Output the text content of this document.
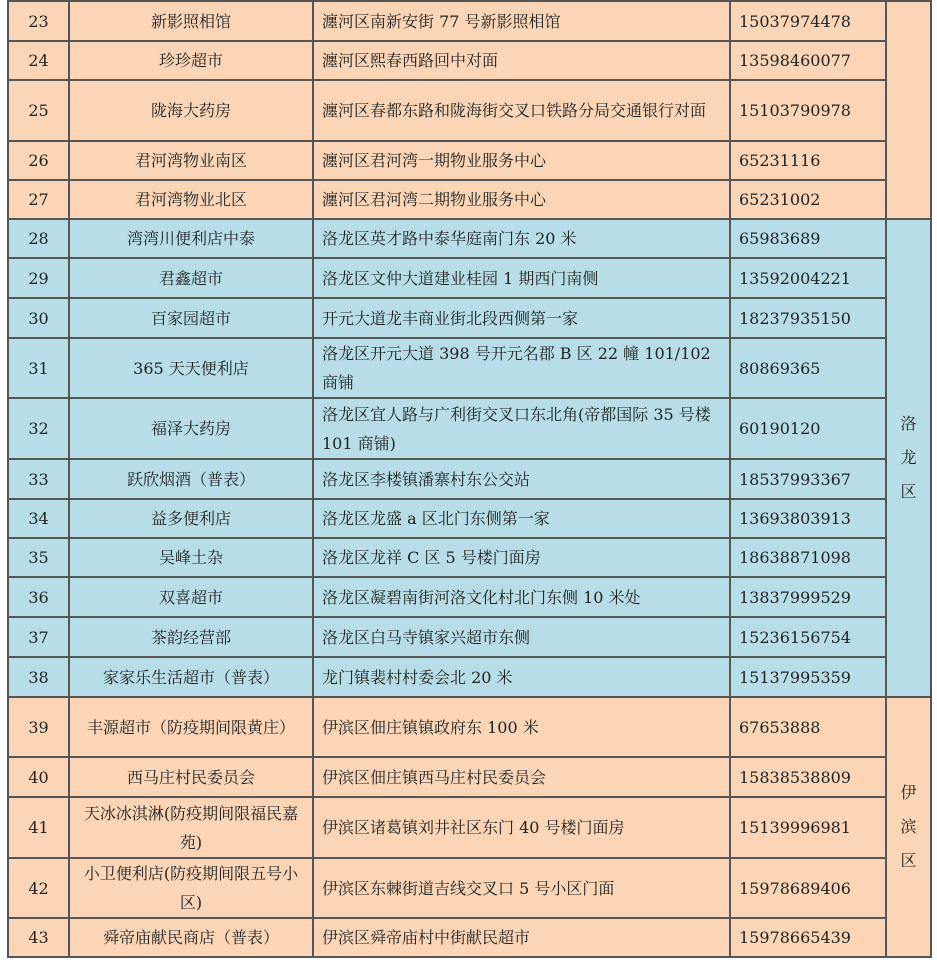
23	新影照相馆	瀍河区南新安街 77 号新影照相馆	15037974478	
24	珍珍超市	瀍河区熙春西路回中对面	13598460077	
25	陇海大药房	瀍河区春都东路和陇海街交叉口铁路分局交通银行对面	15103790978	
26	君河湾物业南区	瀍河区君河湾一期物业服务中心	65231116	
27	君河湾物业北区	瀍河区君河湾二期物业服务中心	65231002	
28	湾湾川便利店中泰	洛龙区英才路中泰华庭南门东 20 米	65983689	洛龙区
29	君鑫超市	洛龙区文仲大道建业桂园 1 期西门南侧	13592004221	
30	百家园超市	开元大道龙丰商业街北段西侧第一家	18237935150	
31	365 天天便利店	洛龙区开元大道 398 号开元名郡 B 区 22 幢 101/102 商铺	80869365	
32	福泽大药房	洛龙区宜人路与广利街交叉口东北角(帝都国际 35 号楼 101 商铺)	60190120	
33	跃欣烟酒（普表）	洛龙区李楼镇潘寨村东公交站	18537993367	
34	益多便利店	洛龙区龙盛 a 区北门东侧第一家	13693803913	
35	吴峰土杂	洛龙区龙祥 C 区 5 号楼门面房	18638871098	
36	双喜超市	洛龙区凝碧南街河洛文化村北门东侧 10 米处	13837999529	
37	茶韵经营部	洛龙区白马寺镇家兴超市东侧	15236156754	
38	家家乐生活超市（普表）	龙门镇裴村村委会北 20 米	15137995359	
39	丰源超市（防疫期间限黄庄）	伊滨区佃庄镇镇政府东 100 米	67653888	伊滨区
40	西马庄村民委员会	伊滨区佃庄镇西马庄村民委员会	15838538809	
41	天冰冰淇淋(防疫期间限福民嘉苑)	伊滨区诸葛镇刘井社区东门 40 号楼门面房	15139996981	
42	小卫便利店(防疫期间限五号小区)	伊滨区东棘街道吉线交叉口 5 号小区门面	15978689406	
43	舜帝庙献民商店（普表）	伊滨区舜帝庙村中街献民超市	15978665439	
